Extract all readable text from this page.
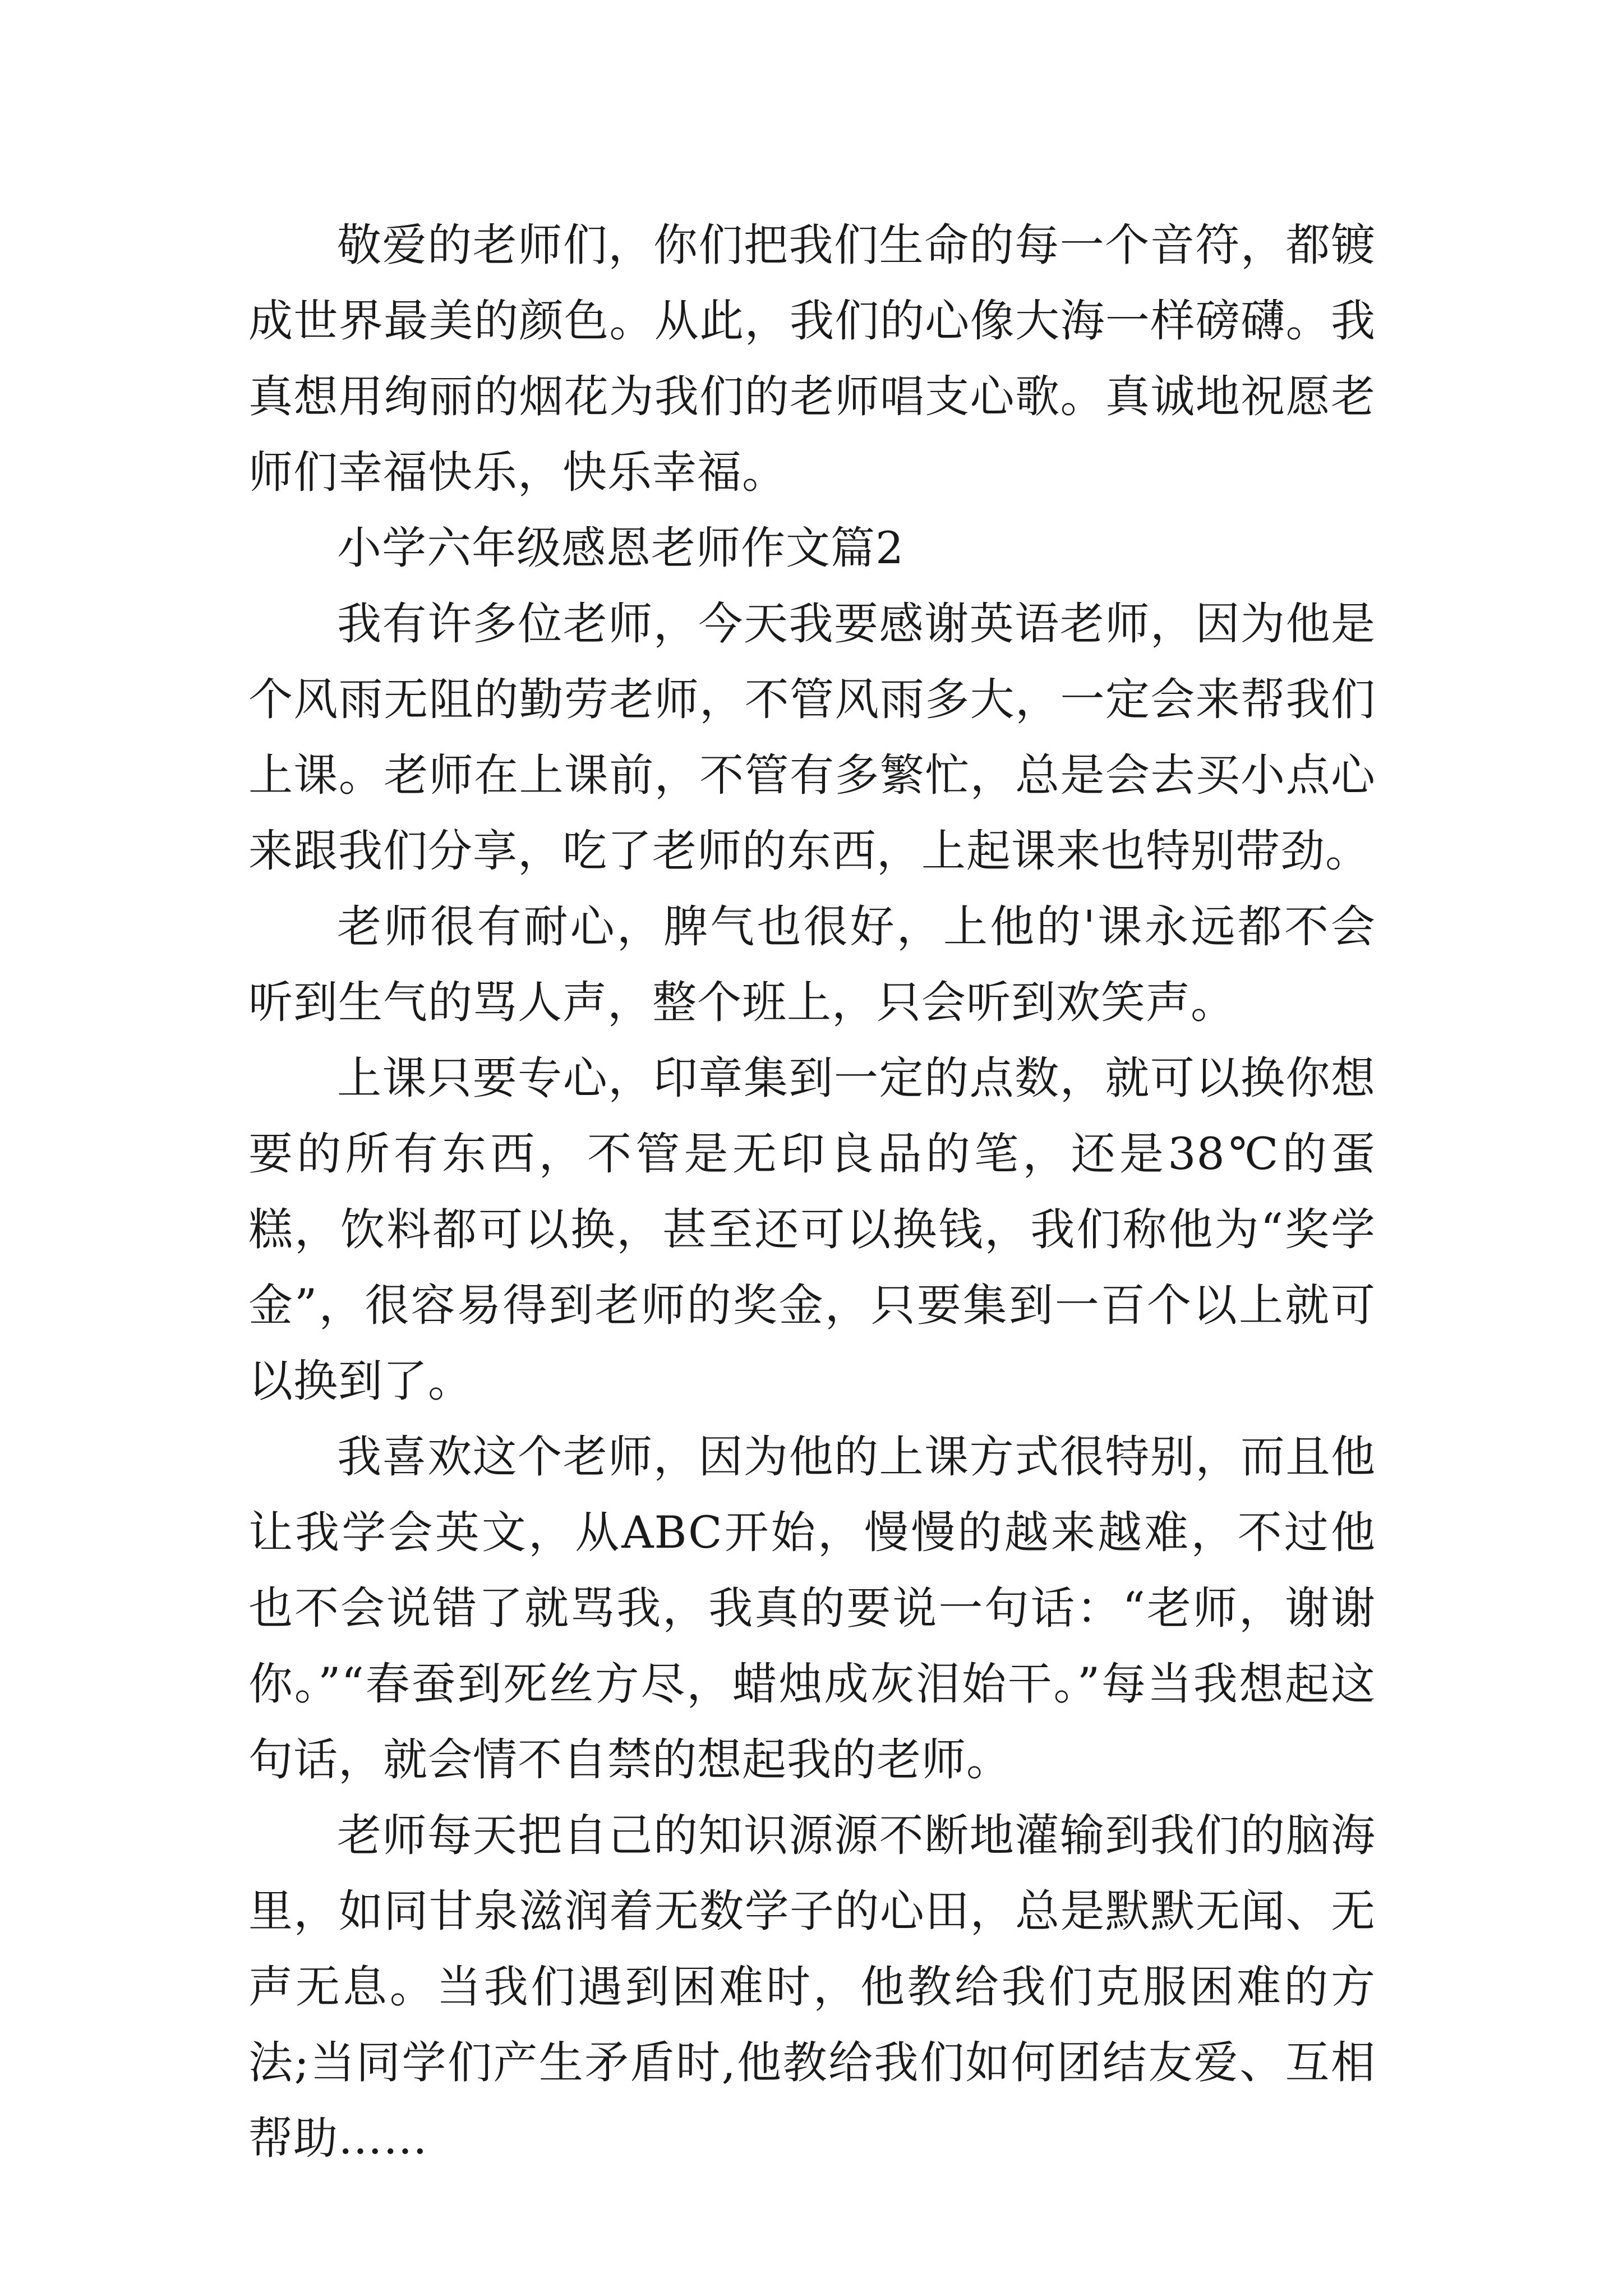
敬爱的老师们，你们把我们生命的每一个音符，都镀成世界最美的颜色。从此，我们的心像大海一样磅礴。我真想用绚丽的烟花为我们的老师唱支心歌。真诚地祝愿老师们幸福快乐，快乐幸福。

小学六年级感恩老师作文篇2

我有许多位老师，今天我要感谢英语老师，因为他是个风雨无阻的勤劳老师，不管风雨多大，一定会来帮我们上课。老师在上课前，不管有多繁忙，总是会去买小点心来跟我们分享，吃了老师的东西，上起课来也特别带劲。

老师很有耐心，脾气也很好，上他的'课永远都不会听到生气的骂人声，整个班上，只会听到欢笑声。

上课只要专心，印章集到一定的点数，就可以换你想要的所有东西，不管是无印良品的笔，还是38℃的蛋糕，饮料都可以换，甚至还可以换钱，我们称他为“奖学金”，很容易得到老师的奖金，只要集到一百个以上就可以换到了。

我喜欢这个老师，因为他的上课方式很特别，而且他让我学会英文，从ABC开始，慢慢的越来越难，不过他也不会说错了就骂我，我真的要说一句话：“老师，谢谢你。”“春蚕到死丝方尽，蜡烛成灰泪始干。”每当我想起这句话，就会情不自禁的想起我的老师。

老师每天把自己的知识源源不断地灌输到我们的脑海里，如同甘泉滋润着无数学子的心田，总是默默无闻、无声无息。当我们遇到困难时，他教给我们克服困难的方法;当同学们产生矛盾时,他教给我们如何团结友爱、互相帮助……
